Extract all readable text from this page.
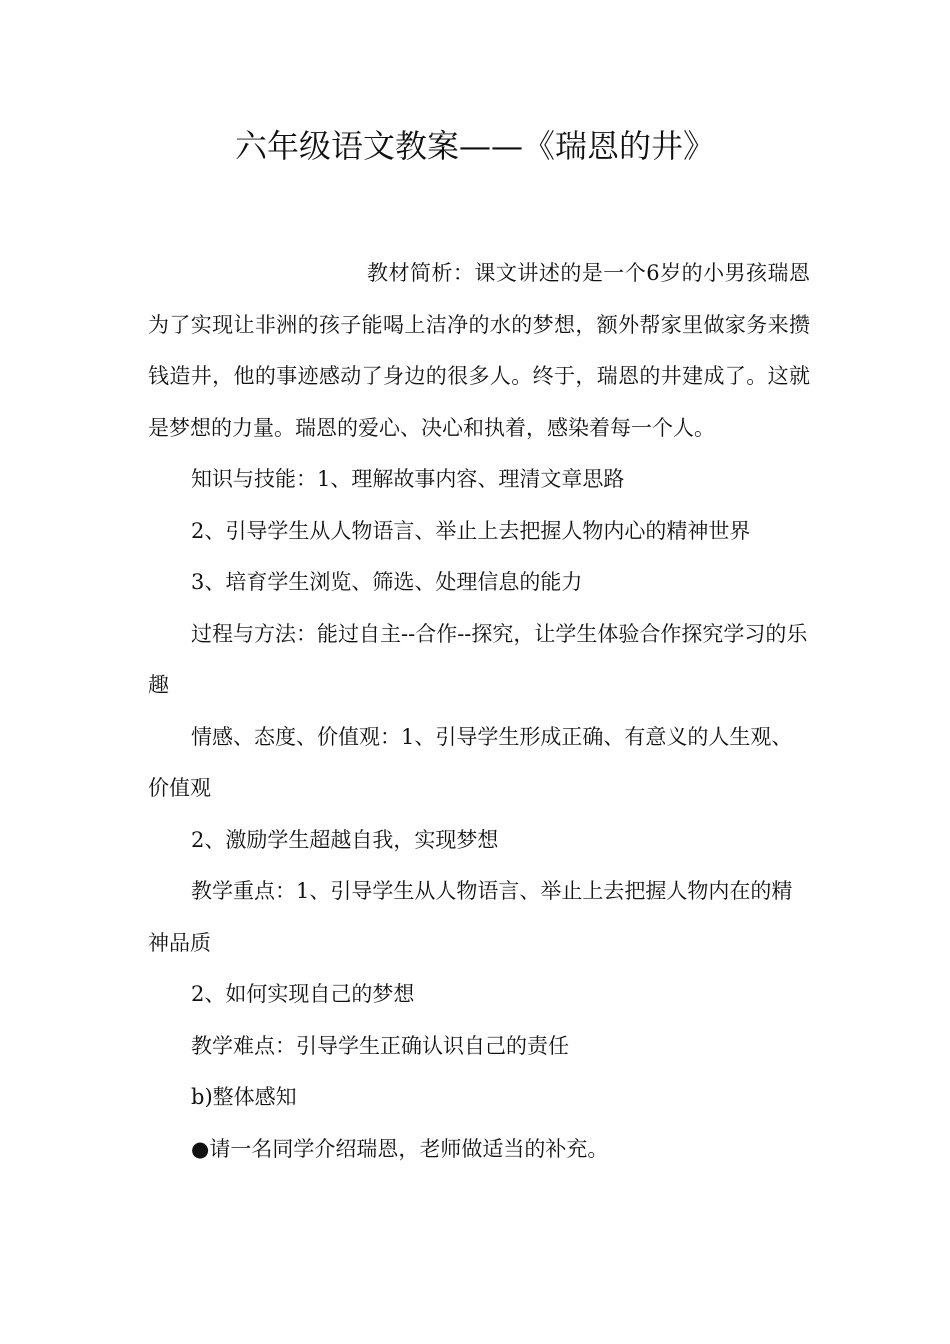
六年级语文教案——《瑞恩的井》

教材简析：课文讲述的是一个6岁的小男孩瑞恩为了实现让非洲的孩子能喝上洁净的水的梦想，额外帮家里做家务来攒钱造井，他的事迹感动了身边的很多人。终于，瑞恩的井建成了。这就是梦想的力量。瑞恩的爱心、决心和执着，感染着每一个人。

知识与技能：1、理解故事内容、理清文章思路

2、引导学生从人物语言、举止上去把握人物内心的精神世界

3、培育学生浏览、筛选、处理信息的能力

过程与方法：能过自主--合作--探究，让学生体验合作探究学习的乐趣

情感、态度、价值观：1、引导学生形成正确、有意义的人生观、价值观

2、激励学生超越自我，实现梦想

教学重点：1、引导学生从人物语言、举止上去把握人物内在的精神品质

2、如何实现自己的梦想

教学难点：引导学生正确认识自己的责任

b)整体感知

●请一名同学介绍瑞恩，老师做适当的补充。
